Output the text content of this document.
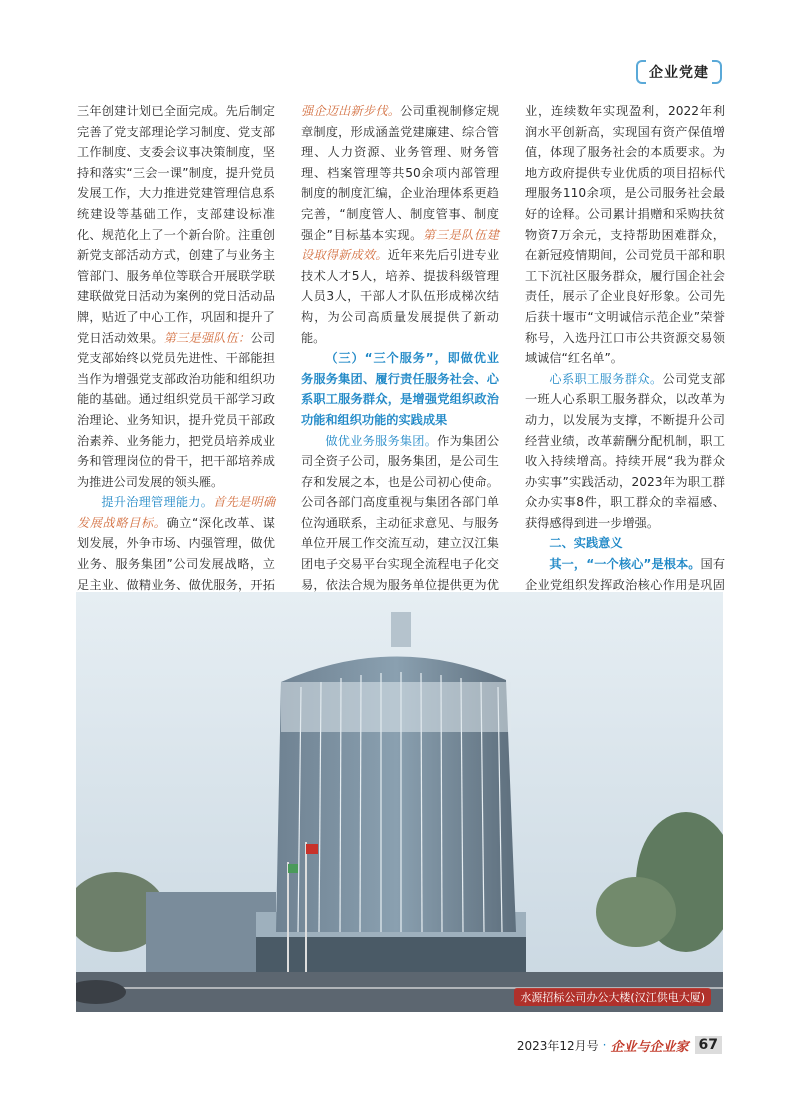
企业党建

三年创建计划已全面完成。先后制定完善了党支部理论学习制度、党支部工作制度、支委会议事决策制度，坚持和落实“三会一课”制度，提升党员发展工作，大力推进党建管理信息系统建设等基础工作，支部建设标准化、规范化上了一个新台阶。注重创新党支部活动方式，创建了与业务主管部门、服务单位等联合开展联学联建联做党日活动为案例的党日活动品牌，贴近了中心工作，巩固和提升了党日活动效果。第三是强队伍：公司党支部始终以党员先进性、干部能担当作为增强党支部政治功能和组织功能的基础。通过组织党员干部学习政治理论、业务知识，提升党员干部政治素养、业务能力，把党员培养成业务和管理岗位的骨干，把干部培养成为推进公司发展的领头雁。

提升治理管理能力。首先是明确发展战略目标。确立“深化改革、谋划发展，外争市场、内强管理，做优业务、服务集团”公司发展战略，立足主业、做精业务、做优服务，开拓

强企迈出新步伐。公司重视制修定规章制度，形成涵盖党建廉建、综合管理、人力资源、业务管理、财务管理、档案管理等共50余项内部管理制度的制度汇编，企业治理体系更趋完善，“制度管人、制度管事、制度强企”目标基本实现。第三是队伍建设取得新成效。近年来先后引进专业技术人才5人，培养、提拔科级管理人员3人，干部人才队伍形成梯次结构，为公司高质量发展提供了新动能。

（三）“三个服务”，即做优业务服务集团、履行责任服务社会、心系职工服务群众，是增强党组织政治功能和组织功能的实践成果

做优业务服务集团。作为集团公司全资子公司，服务集团，是公司生存和发展之本，也是公司初心使命。公司各部门高度重视与集团各部门单位沟通联系，主动征求意见、与服务单位开展工作交流互动，建立汉江集团电子交易平台实现全流程电子化交易，依法合规为服务单位提供更为优

业，连续数年实现盈利，2022年利润水平创新高，实现国有资产保值增值，体现了服务社会的本质要求。为地方政府提供专业优质的项目招标代理服务110余项，是公司服务社会最好的诠释。公司累计捐赠和采购扶贫物资7万余元，支持帮助困难群众，在新冠疫情期间，公司党员干部和职工下沉社区服务群众，履行国企社会责任，展示了企业良好形象。公司先后获十堰市“文明诚信示范企业”荣誉称号，入选丹江口市公共资源交易领域诚信“红名单”。

心系职工服务群众。公司党支部一班人心系职工服务群众，以改革为动力，以发展为支撑，不断提升公司经营业绩，改革薪酬分配机制，职工收入持续增高。持续开展“我为群众办实事”实践活动，2023年为职工群众办实事8件，职工群众的幸福感、获得感得到进一步增强。

二、实践意义

其一，“一个核心”是根本。国有企业党组织发挥政治核心作用是巩固

水源招标公司办公大楼(汉江供电大厦)
2023年12月号 · 企业与企业家 67
